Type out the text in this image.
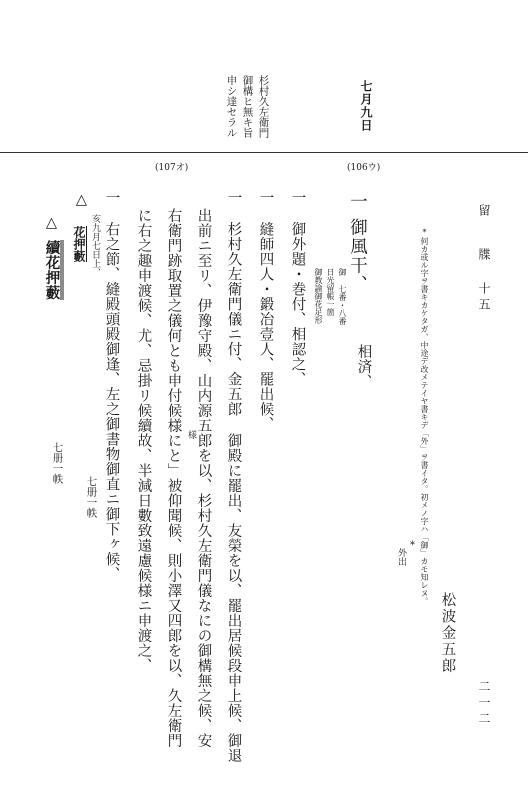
七月九日
杉村久左衛門
御構ヒ無キ旨
申シ達セラル
(106ウ)
(107オ)
留
牒 十五
二一二
*何カ或ル字ヲ書キカケタガ、中途デ改メテイヤ書キデ「外」ヲ書イタ。初メノ字ハ「御」カモ知レヌ。
*
外出
松波金五郎
一
御風干、
御 七番・八番
日光留帳一箇
御教諭御花足形
相済、
一 御外題・巻付、相認之、
一 縫師四人・鍛冶壹人、罷出候、
一 杉村久左衛門儀ニ付、金五郎 御殿に罷出、友榮を以、罷出居候段申上候、御退
出前ニ至リ、伊豫守殿、山内源五郎を以、杉村久左衛門儀なにの御構無之候、安
様
右衛門跡取置之儀何とも申付候様にと」被仰聞候、則小澤又四郎を以、久左衛門
に右之趣申渡候、尤、忌掛リ候續故、半減日數致遠慮候様ニ申渡之、
一 右之節、縫殿頭殿御逢、左之御書物御直ニ御下ヶ候、
△
亥九月七日上、
花押藪
七册一帙
△
續花押藪
七册一帙
